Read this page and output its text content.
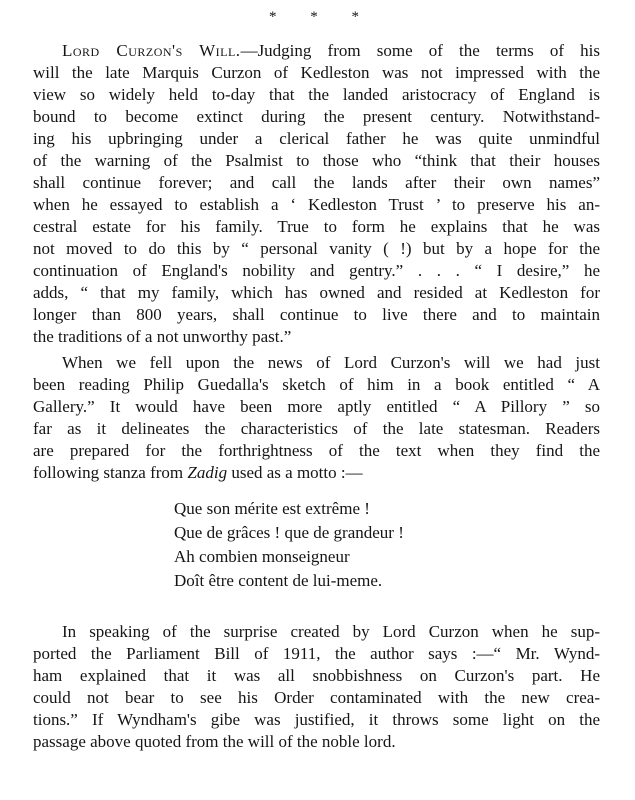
* * *
Lord Curzon's Will.—Judging from some of the terms of his
will the late Marquis Curzon of Kedleston was not impressed with the
view so widely held to-day that the landed aristocracy of England is
bound to become extinct during the present century. Notwithstand-
ing his upbringing under a clerical father he was quite unmindful
of the warning of the Psalmist to those who “think that their houses
shall continue forever; and call the lands after their own names”
when he essayed to establish a ‘ Kedleston Trust ’ to preserve his an-
cestral estate for his family. True to form he explains that he was
not moved to do this by “ personal vanity ( !) but by a hope for the
continuation of England's nobility and gentry.” . . . “ I desire,” he
adds, “ that my family, which has owned and resided at Kedleston for
longer than 800 years, shall continue to live there and to maintain
the traditions of a not unworthy past.”
When we fell upon the news of Lord Curzon's will we had just
been reading Philip Guedalla's sketch of him in a book entitled “ A
Gallery.” It would have been more aptly entitled “ A Pillory ” so
far as it delineates the characteristics of the late statesman. Readers
are prepared for the forthrightness of the text when they find the
following stanza from Zadig used as a motto :—
Que son mérite est extrême !
Que de grâces ! que de grandeur !
Ah combien monseigneur
Doît être content de lui-meme.
In speaking of the surprise created by Lord Curzon when he sup-
ported the Parliament Bill of 1911, the author says :—“ Mr. Wynd-
ham explained that it was all snobbishness on Curzon's part. He
could not bear to see his Order contaminated with the new crea-
tions.” If Wyndham's gibe was justified, it throws some light on the
passage above quoted from the will of the noble lord.
